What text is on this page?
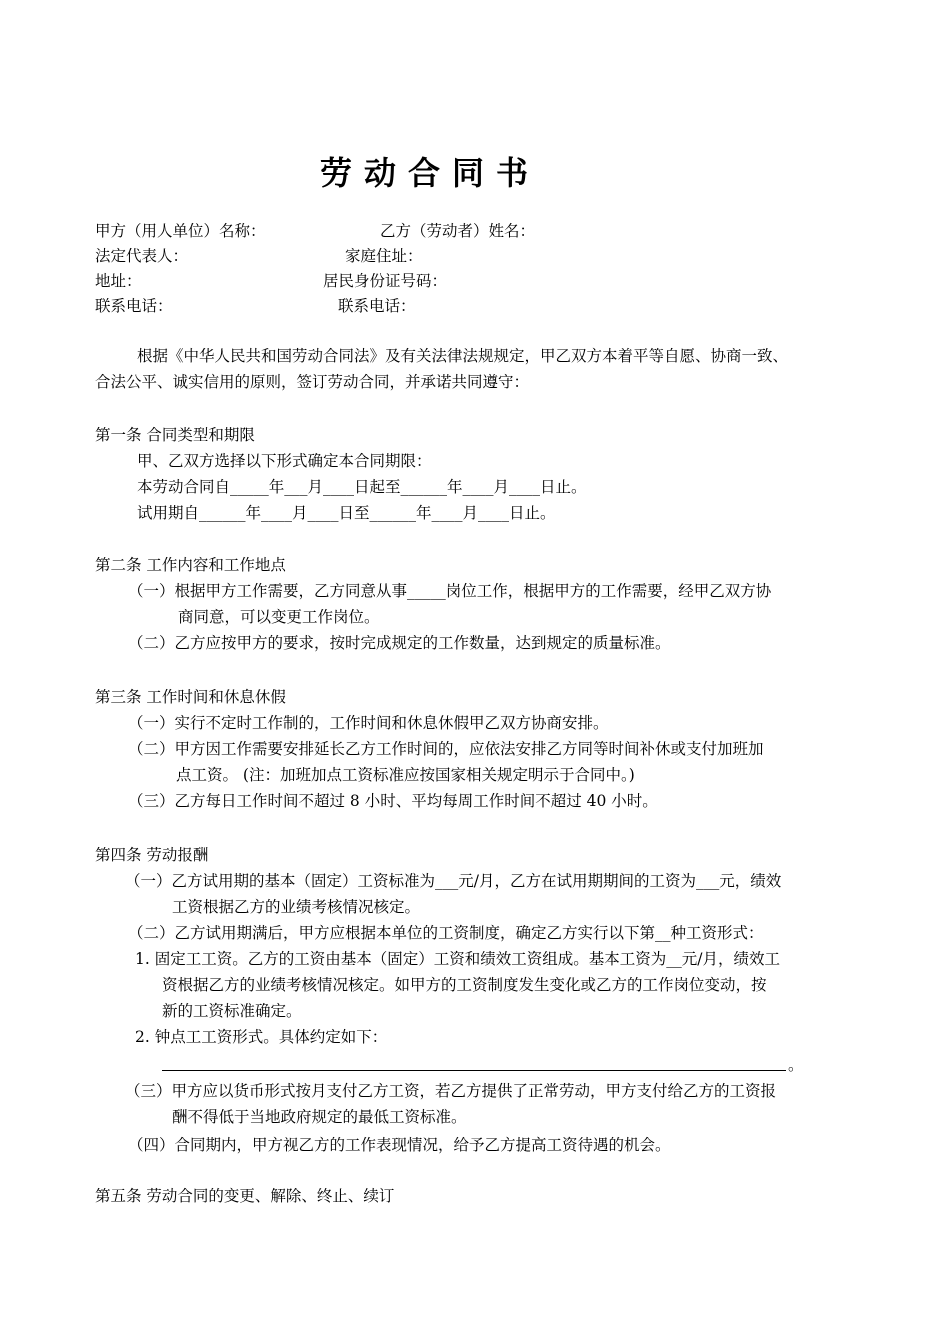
劳动合同书
甲方（用人单位）名称：	乙方（劳动者）姓名：
法定代表人：	家庭住址：
地址：	居民身份证号码：
联系电话：	联系电话：
根据《中华人民共和国劳动合同法》及有关法律法规规定，甲乙双方本着平等自愿、协商一致、
合法公平、诚实信用的原则，签订劳动合同，并承诺共同遵守：
第一条 合同类型和期限
甲、乙双方选择以下形式确定本合同期限：
本劳动合同自_____年___月____日起至______年____月____日止。
试用期自______年____月____日至______年____月____日止。
第二条 工作内容和工作地点
（一）根据甲方工作需要，乙方同意从事_____岗位工作，根据甲方的工作需要，经甲乙双方协
商同意，可以变更工作岗位。
（二）乙方应按甲方的要求，按时完成规定的工作数量，达到规定的质量标准。
第三条 工作时间和休息休假
（一）实行不定时工作制的，工作时间和休息休假甲乙双方协商安排。
（二）甲方因工作需要安排延长乙方工作时间的，应依法安排乙方同等时间补休或支付加班加
点工资。 (注：加班加点工资标准应按国家相关规定明示于合同中。)
（三）乙方每日工作时间不超过 8 小时、平均每周工作时间不超过 40 小时。
第四条 劳动报酬
（一）乙方试用期的基本（固定）工资标准为___元/月，乙方在试用期期间的工资为___元，绩效
工资根据乙方的业绩考核情况核定。
（二）乙方试用期满后，甲方应根据本单位的工资制度，确定乙方实行以下第__种工资形式：
1. 固定工工资。乙方的工资由基本（固定）工资和绩效工资组成。基本工资为__元/月，绩效工
资根据乙方的业绩考核情况核定。如甲方的工资制度发生变化或乙方的工作岗位变动，按
新的工资标准确定。
2. 钟点工工资形式。具体约定如下：
。
（三）甲方应以货币形式按月支付乙方工资，若乙方提供了正常劳动，甲方支付给乙方的工资报
酬不得低于当地政府规定的最低工资标准。
（四）合同期内，甲方视乙方的工作表现情况，给予乙方提高工资待遇的机会。
第五条 劳动合同的变更、解除、终止、续订
